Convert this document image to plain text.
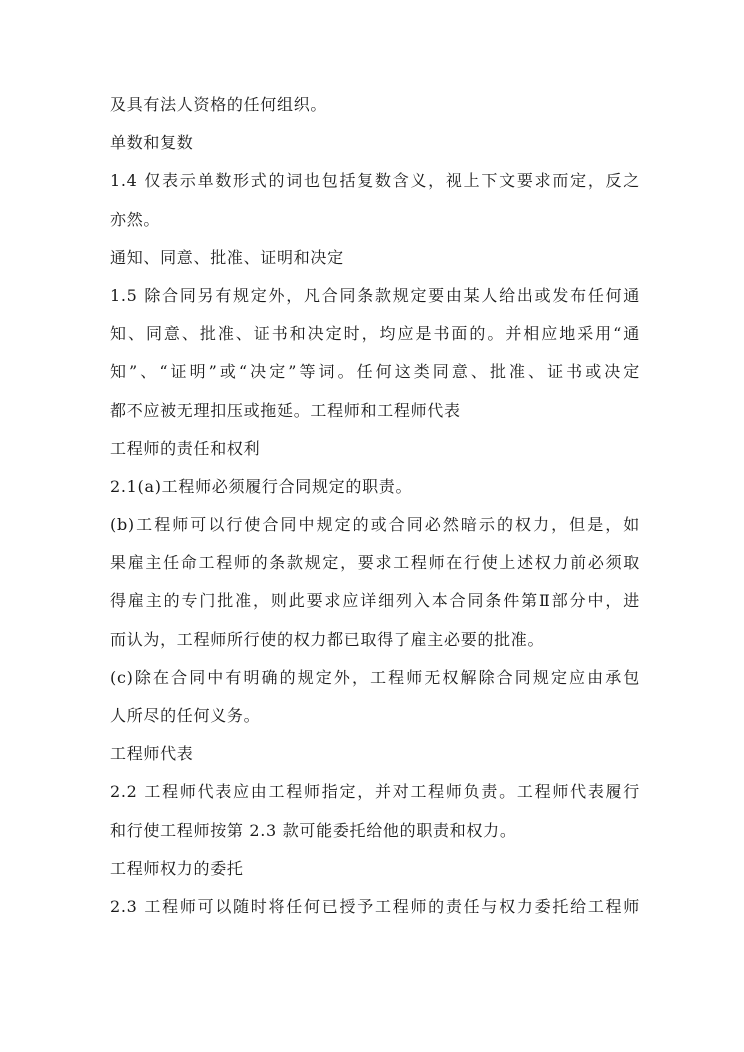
及具有法人资格的任何组织。
单数和复数
1.4 仅表示单数形式的词也包括复数含义，视上下文要求而定，反之
亦然。
通知、同意、批准、证明和决定
1.5 除合同另有规定外，凡合同条款规定要由某人给出或发布任何通
知、同意、批准、证书和决定时，均应是书面的。并相应地采用“通
知”、“证明”或“决定”等词。任何这类同意、批准、证书或决定
都不应被无理扣压或拖延。工程师和工程师代表
工程师的责任和权利
2.1(a)工程师必须履行合同规定的职责。
(b)工程师可以行使合同中规定的或合同必然暗示的权力，但是，如
果雇主任命工程师的条款规定，要求工程师在行使上述权力前必须取
得雇主的专门批准，则此要求应详细列入本合同条件第Ⅱ部分中，进
而认为，工程师所行使的权力都已取得了雇主必要的批准。
(c)除在合同中有明确的规定外，工程师无权解除合同规定应由承包
人所尽的任何义务。
工程师代表
2.2 工程师代表应由工程师指定，并对工程师负责。工程师代表履行
和行使工程师按第 2.3 款可能委托给他的职责和权力。
工程师权力的委托
2.3 工程师可以随时将任何已授予工程师的责任与权力委托给工程师
